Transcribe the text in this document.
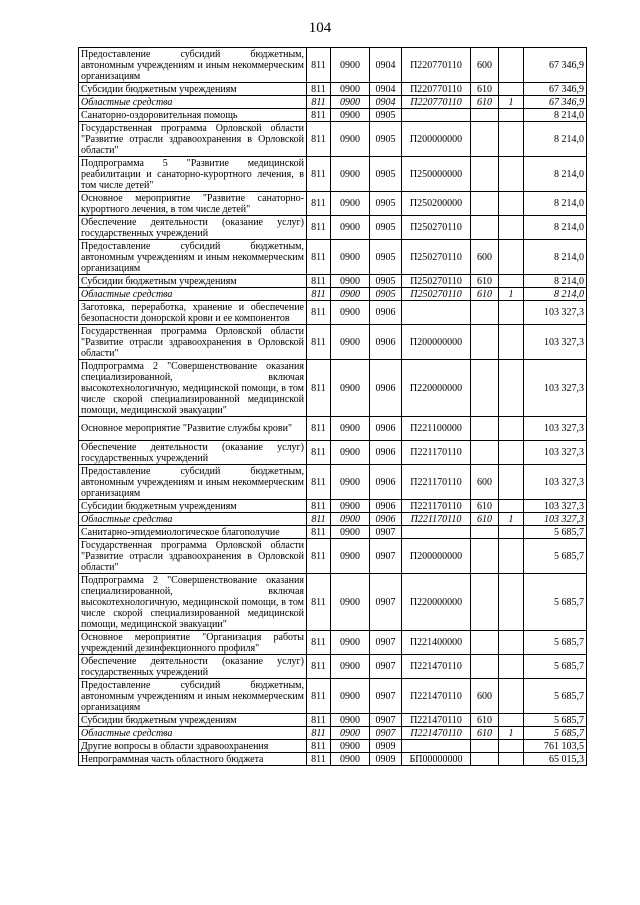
104
Предоставление субсидий бюджетным, автономным учреждениям и иным некоммерческим организациям	811	0900	0904	П220770110	600		67 346,9
Субсидии бюджетным учреждениям	811	0900	0904	П220770110	610		67 346,9
Областные средства	811	0900	0904	П220770110	610	1	67 346,9
Санаторно-оздоровительная помощь	811	0900	0905				8 214,0
Государственная программа Орловской области "Развитие отрасли здравоохранения в Орловской области"	811	0900	0905	П200000000			8 214,0
Подпрограмма 5 "Развитие медицинской реабилитации и санаторно-курортного лечения, в том числе детей"	811	0900	0905	П250000000			8 214,0
Основное мероприятие "Развитие санаторно-курортного лечения, в том числе детей"	811	0900	0905	П250200000			8 214,0
Обеспечение деятельности (оказание услуг) государственных учреждений	811	0900	0905	П250270110			8 214,0
Предоставление субсидий бюджетным, автономным учреждениям и иным некоммерческим организациям	811	0900	0905	П250270110	600		8 214,0
Субсидии бюджетным учреждениям	811	0900	0905	П250270110	610		8 214,0
Областные средства	811	0900	0905	П250270110	610	1	8 214,0
Заготовка, переработка, хранение и обеспечение безопасности донорской крови и ее компонентов	811	0900	0906				103 327,3
Государственная программа Орловской области "Развитие отрасли здравоохранения в Орловской области"	811	0900	0906	П200000000			103 327,3
Подпрограмма 2 "Совершенствование оказания специализированной, включая высокотехнологичную, медицинской помощи, в том числе скорой специализированной медицинской помощи, медицинской эвакуации"	811	0900	0906	П220000000			103 327,3
Основное мероприятие "Развитие службы крови"	811	0900	0906	П221100000			103 327,3
Обеспечение деятельности (оказание услуг) государственных учреждений	811	0900	0906	П221170110			103 327,3
Предоставление субсидий бюджетным, автономным учреждениям и иным некоммерческим организациям	811	0900	0906	П221170110	600		103 327,3
Субсидии бюджетным учреждениям	811	0900	0906	П221170110	610		103 327,3
Областные средства	811	0900	0906	П221170110	610	1	103 327,3
Санитарно-эпидемиологическое благополучие	811	0900	0907				5 685,7
Государственная программа Орловской области "Развитие отрасли здравоохранения в Орловской области"	811	0900	0907	П200000000			5 685,7
Подпрограмма 2 "Совершенствование оказания специализированной, включая высокотехнологичную, медицинской помощи, в том числе скорой специализированной медицинской помощи, медицинской эвакуации"	811	0900	0907	П220000000			5 685,7
Основное мероприятие "Организация работы учреждений дезинфекционного профиля"	811	0900	0907	П221400000			5 685,7
Обеспечение деятельности (оказание услуг) государственных учреждений	811	0900	0907	П221470110			5 685,7
Предоставление субсидий бюджетным, автономным учреждениям и иным некоммерческим организациям	811	0900	0907	П221470110	600		5 685,7
Субсидии бюджетным учреждениям	811	0900	0907	П221470110	610		5 685,7
Областные средства	811	0900	0907	П221470110	610	1	5 685,7
Другие вопросы в области здравоохранения	811	0900	0909				761 103,5
Непрограммная часть областного бюджета	811	0900	0909	БП00000000			65 015,3
